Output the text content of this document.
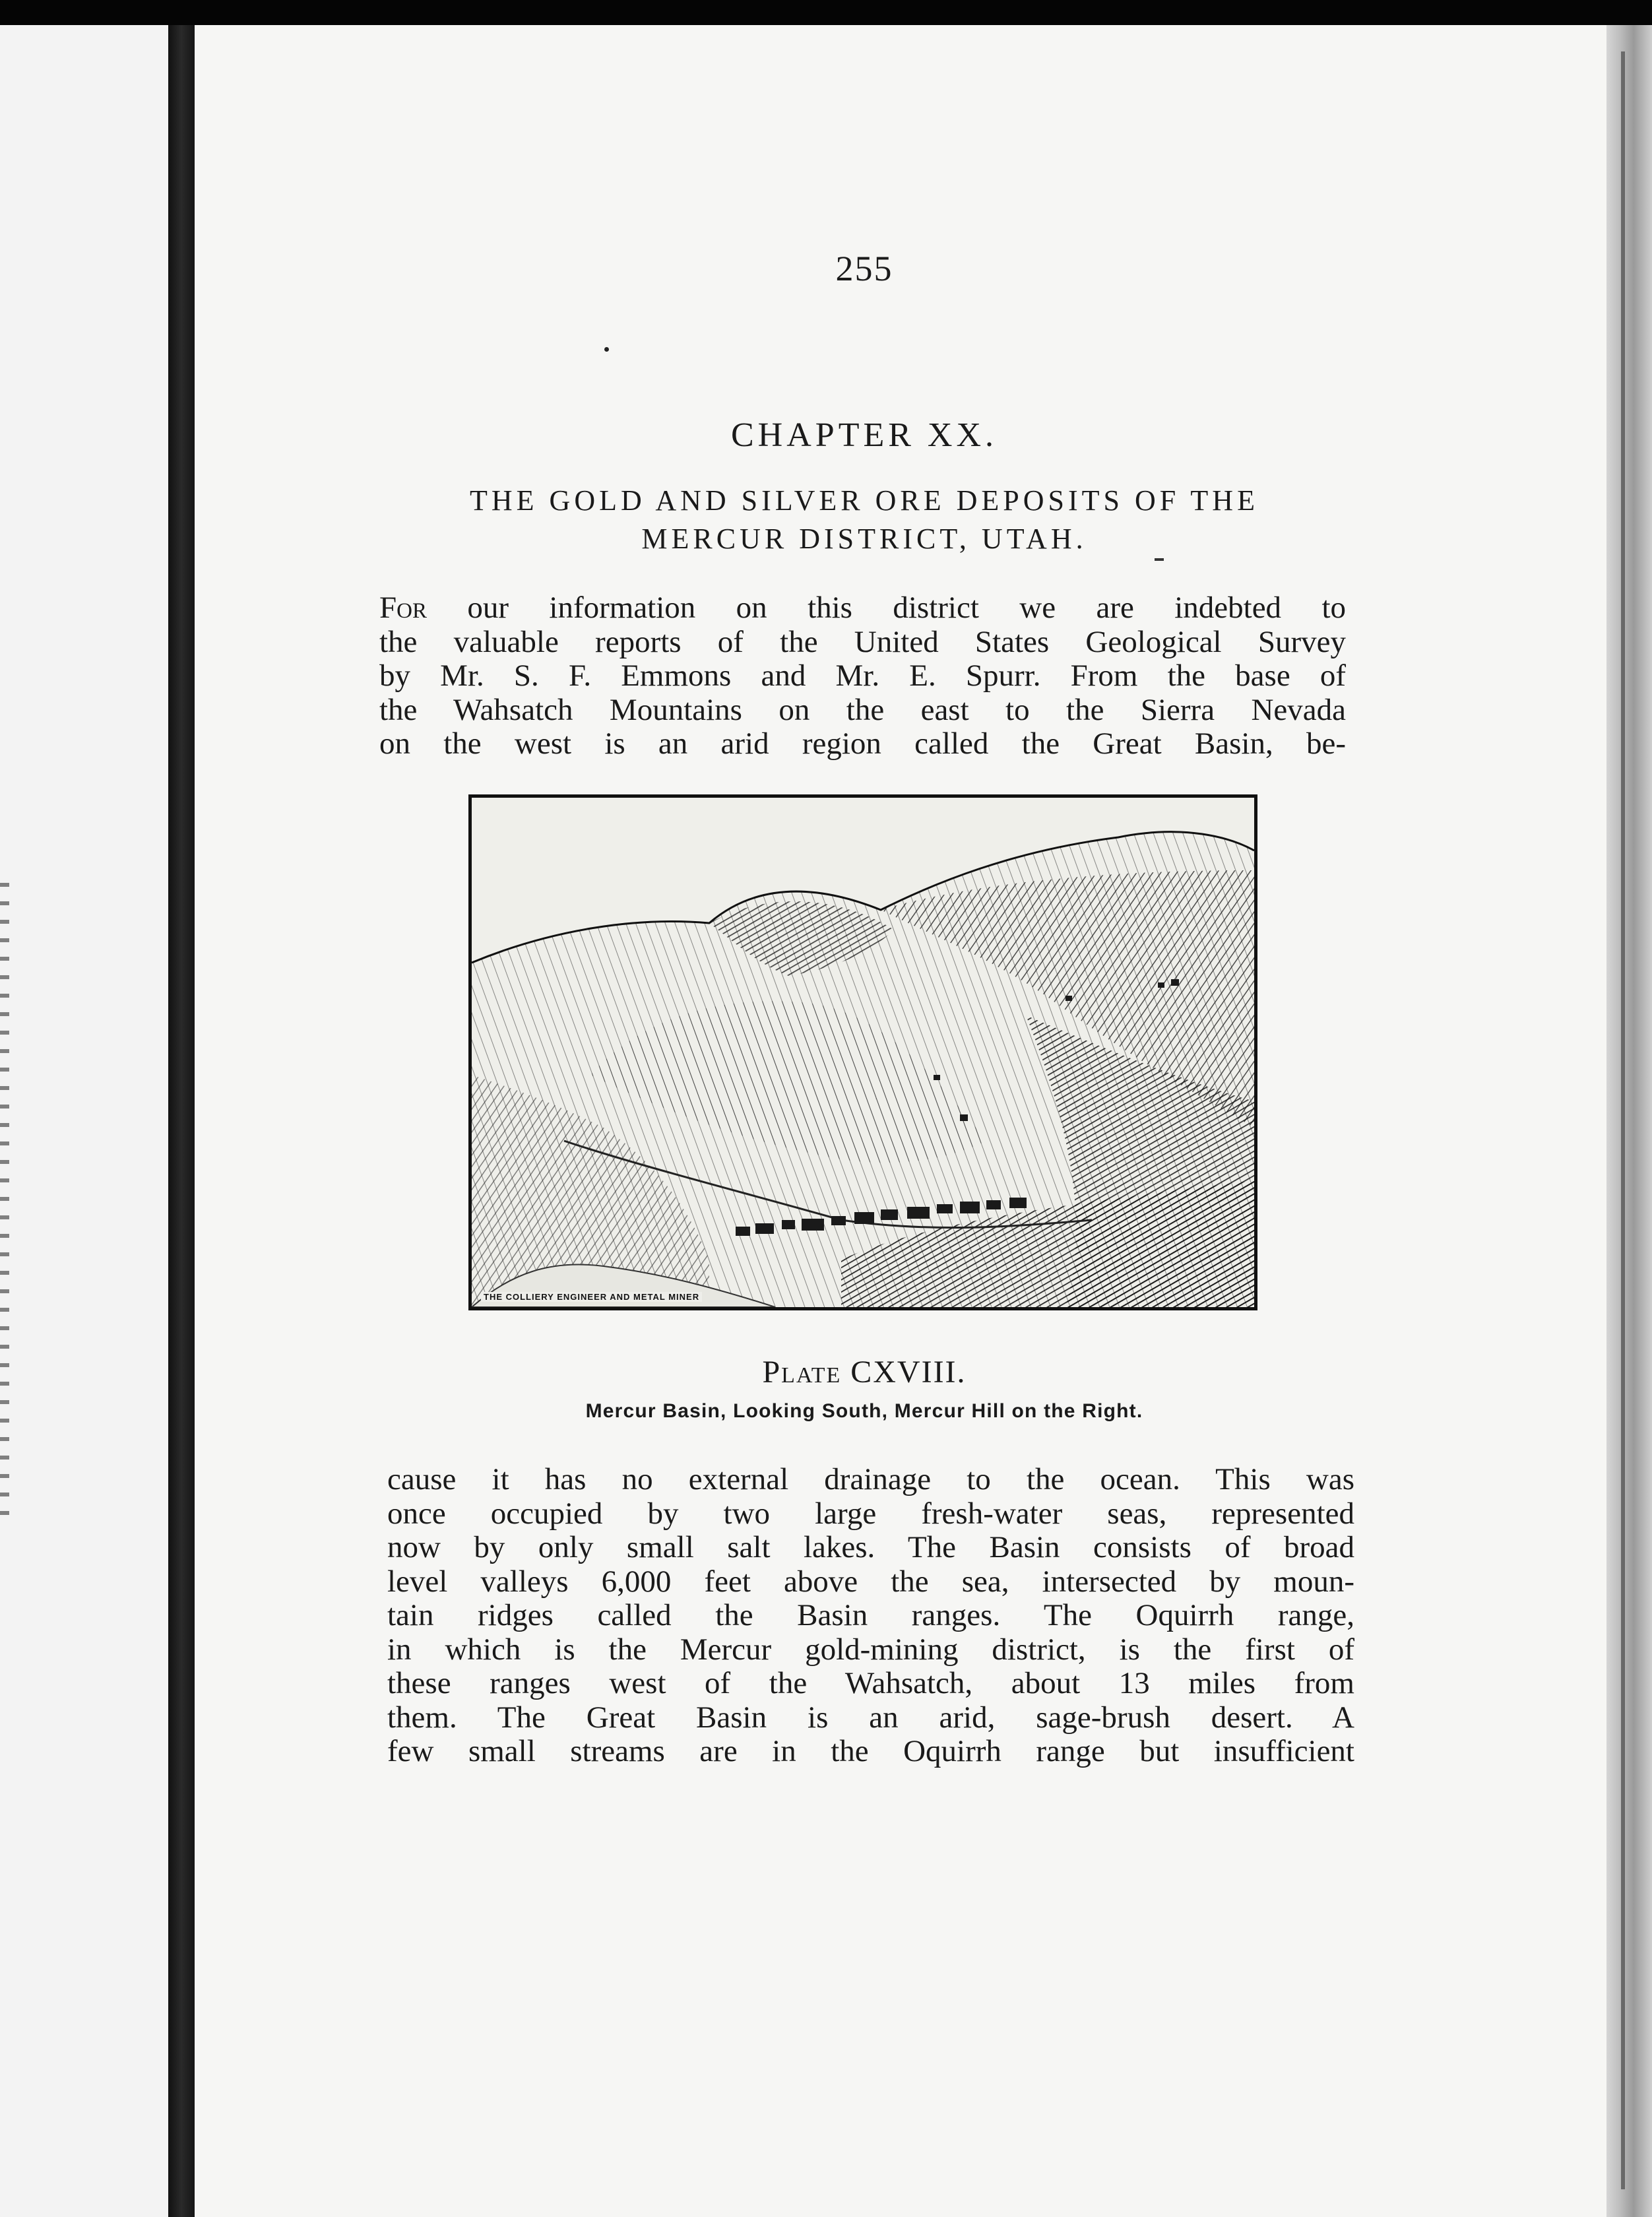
255
CHAPTER XX.
THE GOLD AND SILVER ORE DEPOSITS OF THE
MERCUR DISTRICT, UTAH.
For our information on this district we are indebted to
the valuable reports of the United States Geological Survey
by Mr. S. F. Emmons and Mr. E. Spurr. From the base of
the Wahsatch Mountains on the east to the Sierra Nevada
on the west is an arid region called the Great Basin, be-
THE COLLIERY ENGINEER AND METAL MINER
Plate CXVIII.
Mercur Basin, Looking South, Mercur Hill on the Right.
cause it has no external drainage to the ocean. This was
once occupied by two large fresh-water seas, represented
now by only small salt lakes. The Basin consists of broad
level valleys 6,000 feet above the sea, intersected by moun-
tain ridges called the Basin ranges. The Oquirrh range,
in which is the Mercur gold-mining district, is the first of
these ranges west of the Wahsatch, about 13 miles from
them. The Great Basin is an arid, sage-brush desert. A
few small streams are in the Oquirrh range but insufficient
